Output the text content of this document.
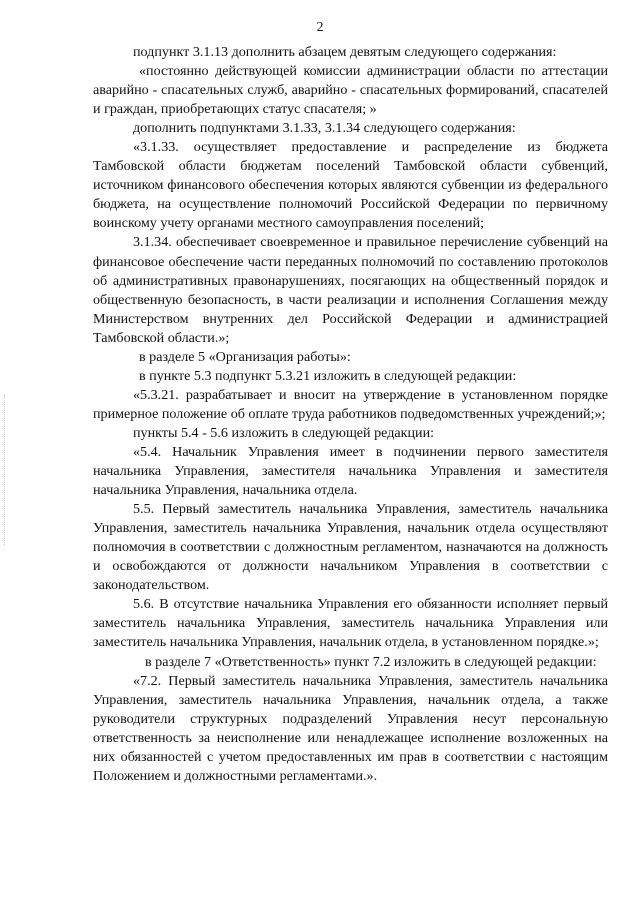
2

подпункт 3.1.13 дополнить абзацем девятым следующего содержания:

«постоянно действующей комиссии администрации области по аттестации аварийно - спасательных служб, аварийно - спасательных формирований, спасателей и граждан, приобретающих статус спасателя; »

дополнить подпунктами 3.1.33, 3.1.34 следующего содержания:

«3.1.33. осуществляет предоставление и распределение из бюджета Тамбовской области бюджетам поселений Тамбовской области субвенций, источником финансового обеспечения которых являются субвенции из федерального бюджета, на осуществление полномочий Российской Федерации по первичному воинскому учету органами местного самоуправления поселений;

3.1.34. обеспечивает своевременное и правильное перечисление субвенций на финансовое обеспечение части переданных полномочий по составлению протоколов об административных правонарушениях, посягающих на общественный порядок и общественную безопасность, в части реализации и исполнения Соглашения между Министерством внутренних дел Российской Федерации и администрацией Тамбовской области.»;

в разделе 5 «Организация работы»:

в пункте 5.3 подпункт 5.3.21 изложить в следующей редакции:

«5.3.21. разрабатывает и вносит на утверждение в установленном порядке примерное положение об оплате труда работников подведомственных учреждений;»;

пункты 5.4 - 5.6 изложить в следующей редакции:

«5.4. Начальник Управления имеет в подчинении первого заместителя начальника Управления, заместителя начальника Управления и заместителя начальника Управления, начальника отдела.

5.5. Первый заместитель начальника Управления, заместитель начальника Управления, заместитель начальника Управления, начальник отдела осуществляют полномочия в соответствии с должностным регламентом, назначаются на должность и освобождаются от должности начальником Управления в соответствии с законодательством.

5.6. В отсутствие начальника Управления его обязанности исполняет первый заместитель начальника Управления, заместитель начальника Управления или заместитель начальника Управления, начальник отдела, в установленном порядке.»;

в разделе 7 «Ответственность» пункт 7.2 изложить в следующей редакции:

«7.2. Первый заместитель начальника Управления, заместитель начальника Управления, заместитель начальника Управления, начальник отдела, а также руководители структурных подразделений Управления несут персональную ответственность за неисполнение или ненадлежащее исполнение возложенных на них обязанностей с учетом предоставленных им прав в соответствии с настоящим Положением и должностными регламентами.».
